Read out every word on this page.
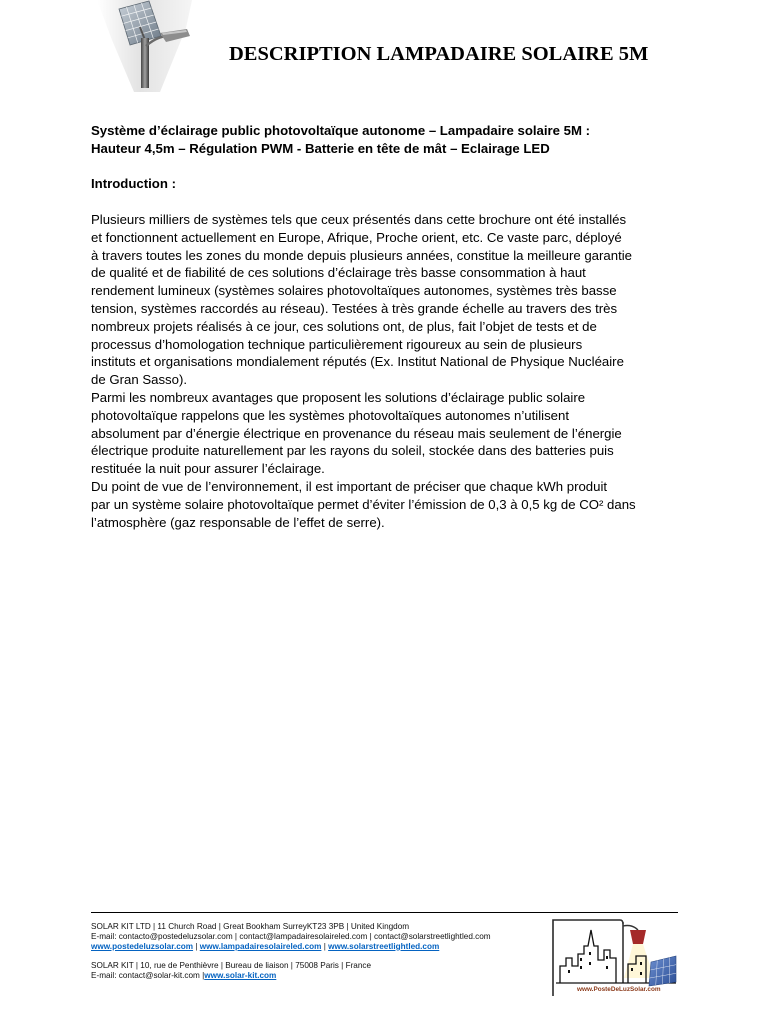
DESCRIPTION LAMPADAIRE SOLAIRE 5M
Système d’éclairage public photovoltaïque autonome – Lampadaire solaire 5M :
Hauteur 4,5m – Régulation PWM - Batterie en tête de mât – Eclairage LED
Introduction :
Plusieurs milliers de systèmes tels que ceux présentés dans cette brochure ont été installés
et fonctionnent actuellement en Europe, Afrique, Proche orient, etc. Ce vaste parc, déployé
à travers toutes les zones du monde depuis plusieurs années, constitue la meilleure garantie
de qualité et de fiabilité de ces solutions d’éclairage très basse consommation à haut
rendement lumineux (systèmes solaires photovoltaïques autonomes, systèmes très basse
tension, systèmes raccordés au réseau). Testées à très grande échelle au travers des très
nombreux projets réalisés à ce jour, ces solutions ont, de plus, fait l’objet de tests et de
processus d’homologation technique particulièrement rigoureux au sein de plusieurs
instituts et organisations mondialement réputés (Ex. Institut National de Physique Nucléaire
de Gran Sasso).
Parmi les nombreux avantages que proposent les solutions d’éclairage public solaire
photovoltaïque rappelons que les systèmes photovoltaïques autonomes n’utilisent
absolument par d’énergie électrique en provenance du réseau mais seulement de l’énergie
électrique produite naturellement par les rayons du soleil, stockée dans des batteries puis
restituée la nuit pour assurer l’éclairage.
Du point de vue de l’environnement, il est important de préciser que chaque kWh produit
par un système solaire photovoltaïque permet d’éviter l’émission de 0,3 à 0,5 kg de CO² dans
l’atmosphère (gaz responsable de l’effet de serre).
SOLAR KIT LTD | 11 Church Road | Great Bookham SurreyKT23 3PB | United Kingdom
E-mail: contacto@postedeluzsolar.com | contact@lampadairesolaireled.com | contact@solarstreetlightled.com
www.postedeluzsolar.com | www.lampadairesolaireled.com | www.solarstreetlightled.com
SOLAR KIT | 10, rue de Penthièvre | Bureau de liaison | 75008 Paris | France
E-mail: contact@solar-kit.com |www.solar-kit.com
www.PosteDeLuzSolar.com
